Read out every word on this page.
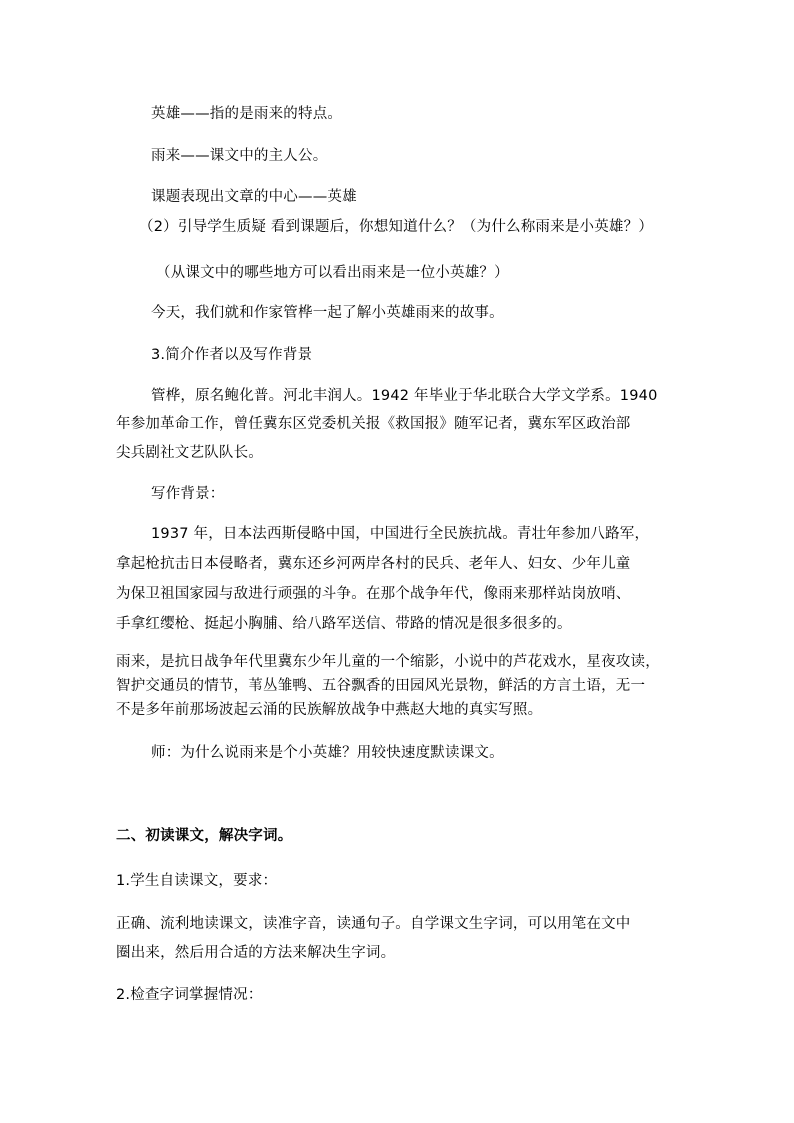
英雄——指的是雨来的特点。
雨来——课文中的主人公。
课题表现出文章的中心——英雄
（2）引导学生质疑 看到课题后，你想知道什么？（为什么称雨来是小英雄？）
（从课文中的哪些地方可以看出雨来是一位小英雄？）
今天，我们就和作家管桦一起了解小英雄雨来的故事。
3.简介作者以及写作背景
管桦，原名鲍化普。河北丰润人。1942 年毕业于华北联合大学文学系。1940
年参加革命工作，曾任冀东区党委机关报《救国报》随军记者，冀东军区政治部
尖兵剧社文艺队队长。
写作背景：
1937 年，日本法西斯侵略中国，中国进行全民族抗战。青壮年参加八路军，
拿起枪抗击日本侵略者，冀东还乡河两岸各村的民兵、老年人、妇女、少年儿童
为保卫祖国家园与敌进行顽强的斗争。在那个战争年代，像雨来那样站岗放哨、
手拿红缨枪、挺起小胸脯、给八路军送信、带路的情况是很多很多的。
雨来，是抗日战争年代里冀东少年儿童的一个缩影，小说中的芦花戏水，星夜攻读，
智护交通员的情节，苇丛雏鸭、五谷飘香的田园风光景物，鲜活的方言土语，无一
不是多年前那场波起云涌的民族解放战争中燕赵大地的真实写照。
师：为什么说雨来是个小英雄？用较快速度默读课文。
二、初读课文，解决字词。
1.学生自读课文，要求：
正确、流利地读课文，读准字音，读通句子。自学课文生字词，可以用笔在文中
圈出来，然后用合适的方法来解决生字词。
2.检查字词掌握情况：
